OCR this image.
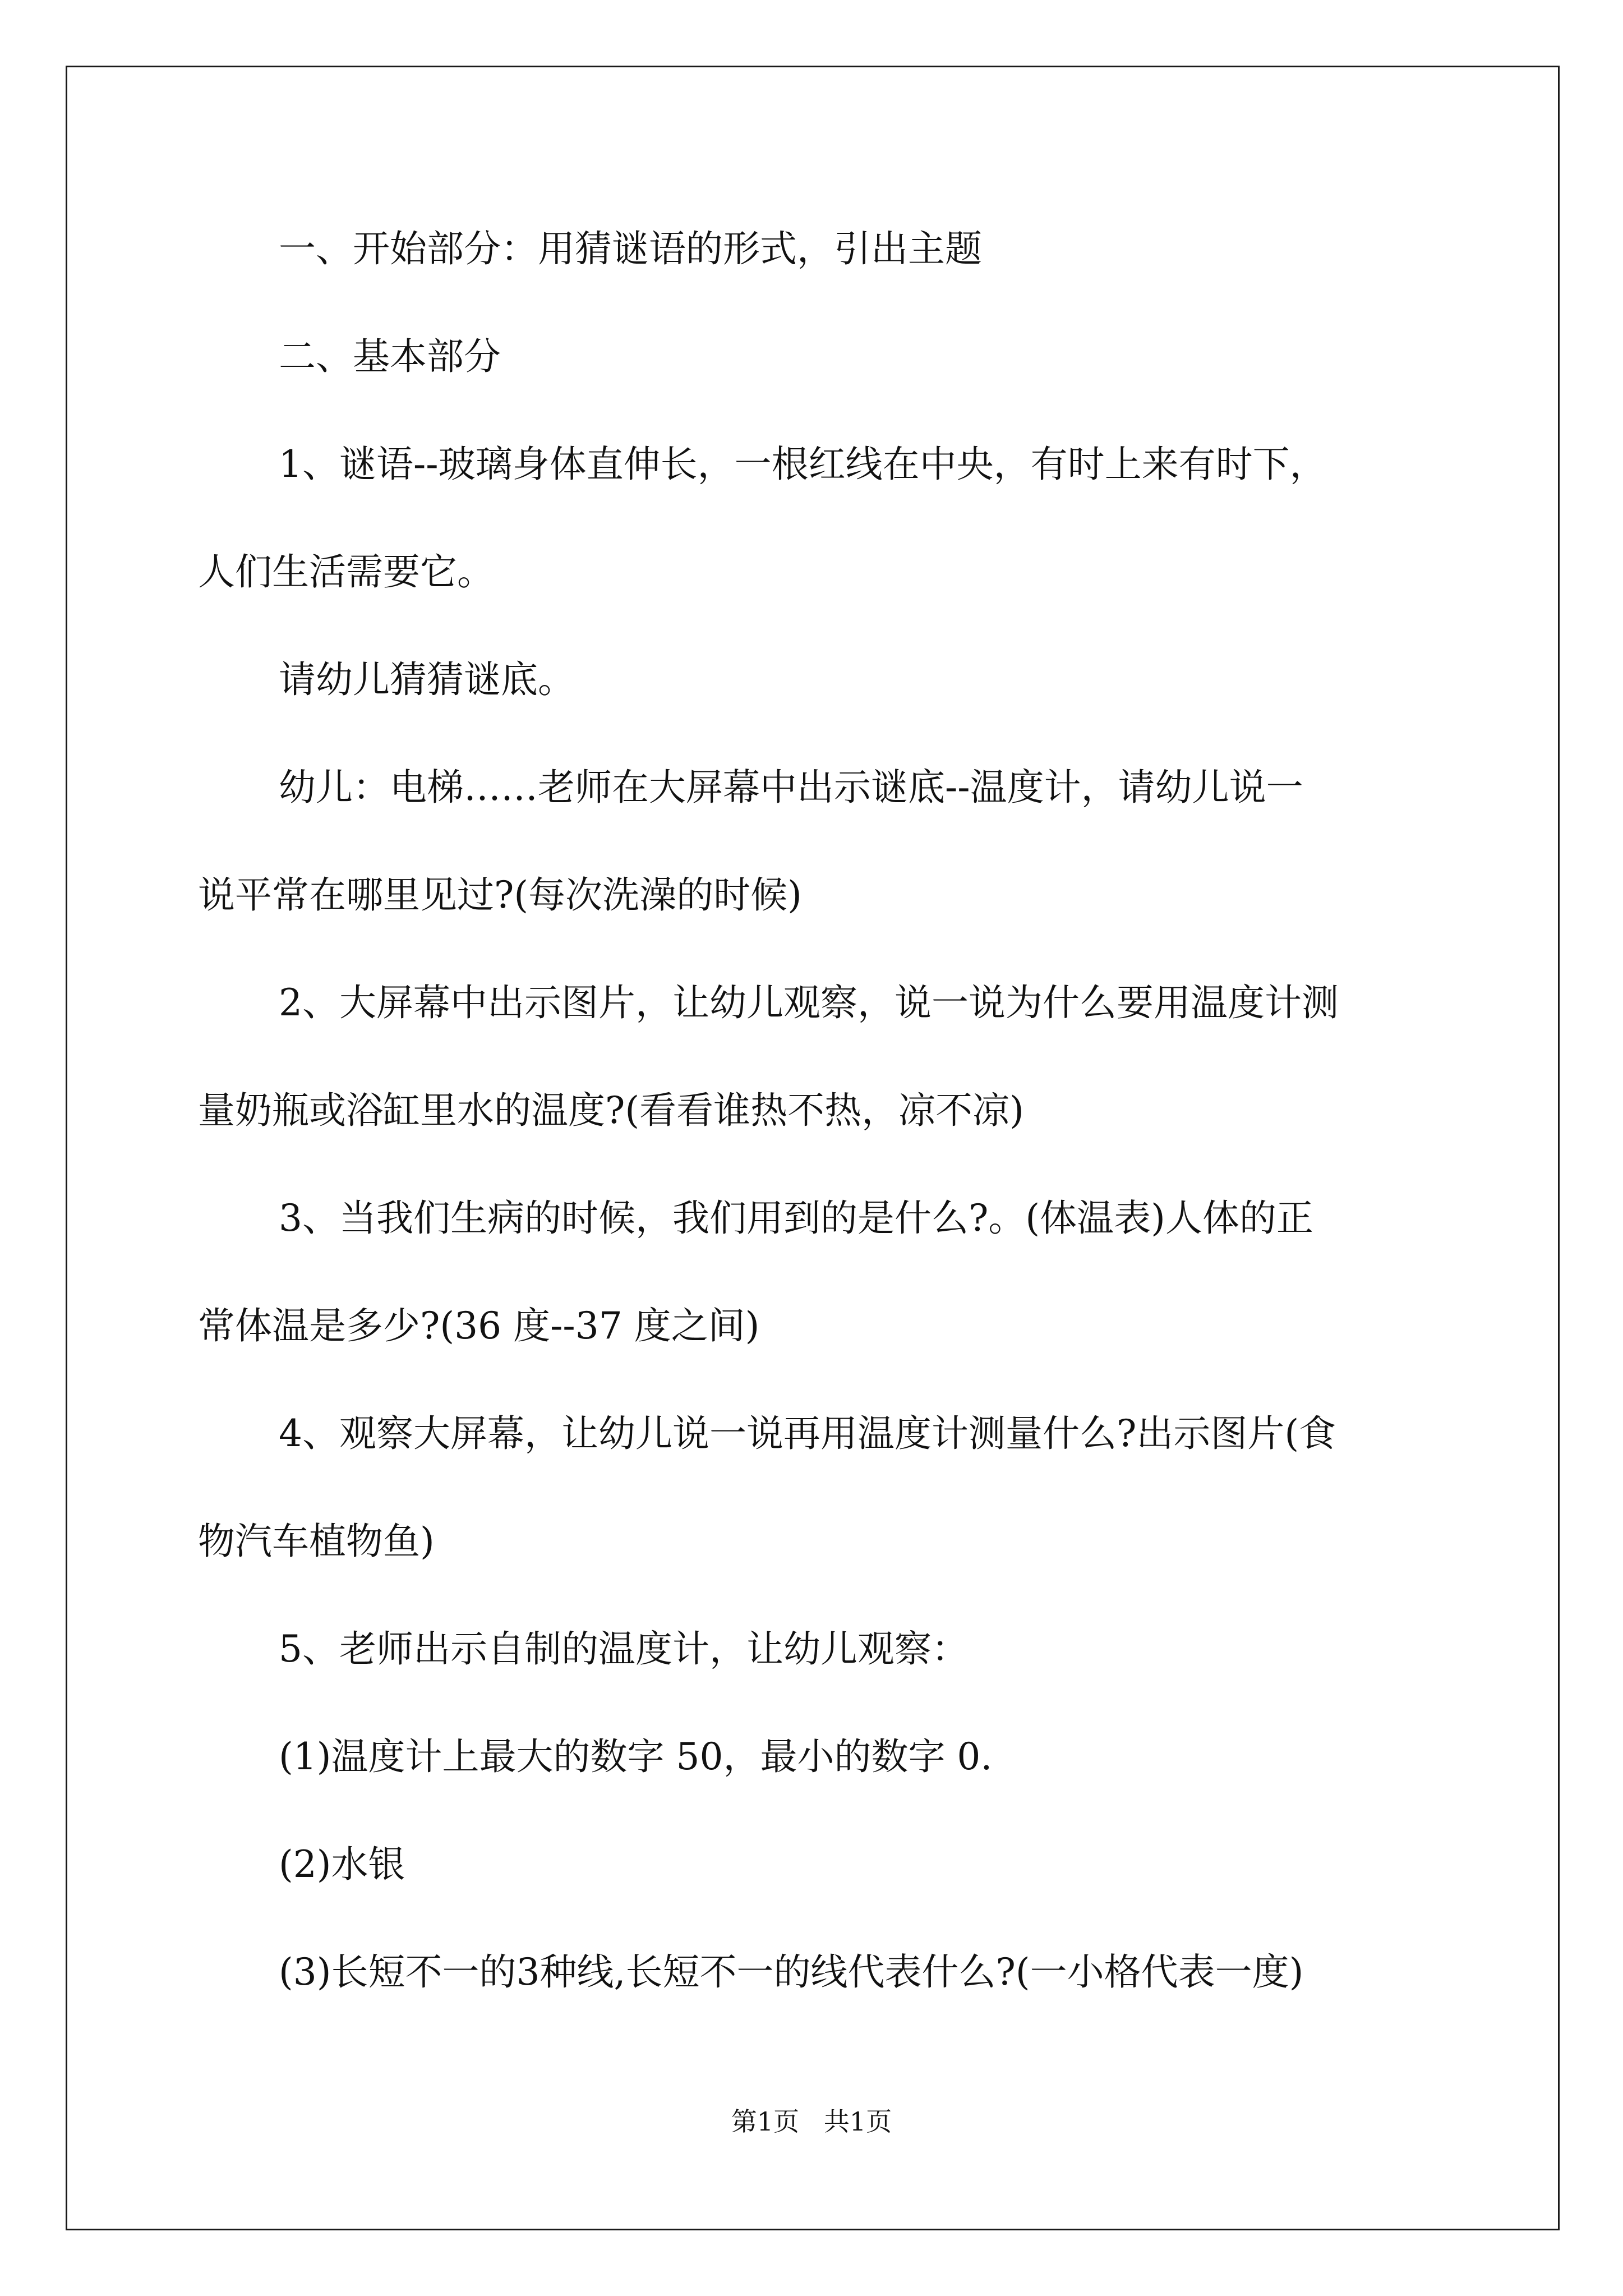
一、开始部分：用猜谜语的形式，引出主题

二、基本部分

1、谜语--玻璃身体直伸长，一根红线在中央，有时上来有时下，

人们生活需要它。

请幼儿猜猜谜底。

幼儿：电梯……老师在大屏幕中出示谜底--温度计，请幼儿说一

说平常在哪里见过?(每次洗澡的时候)

2、大屏幕中出示图片，让幼儿观察，说一说为什么要用温度计测

量奶瓶或浴缸里水的温度?(看看谁热不热，凉不凉)

3、当我们生病的时候，我们用到的是什么?。(体温表)人体的正

常体温是多少?(36 度--37 度之间)

4、观察大屏幕，让幼儿说一说再用温度计测量什么?出示图片(食

物汽车植物鱼)

5、老师出示自制的温度计，让幼儿观察：

(1)温度计上最大的数字 50，最小的数字 0.

(2)水银

(3)长短不一的3种线,长短不一的线代表什么?(一小格代表一度)

第1页   共1页
